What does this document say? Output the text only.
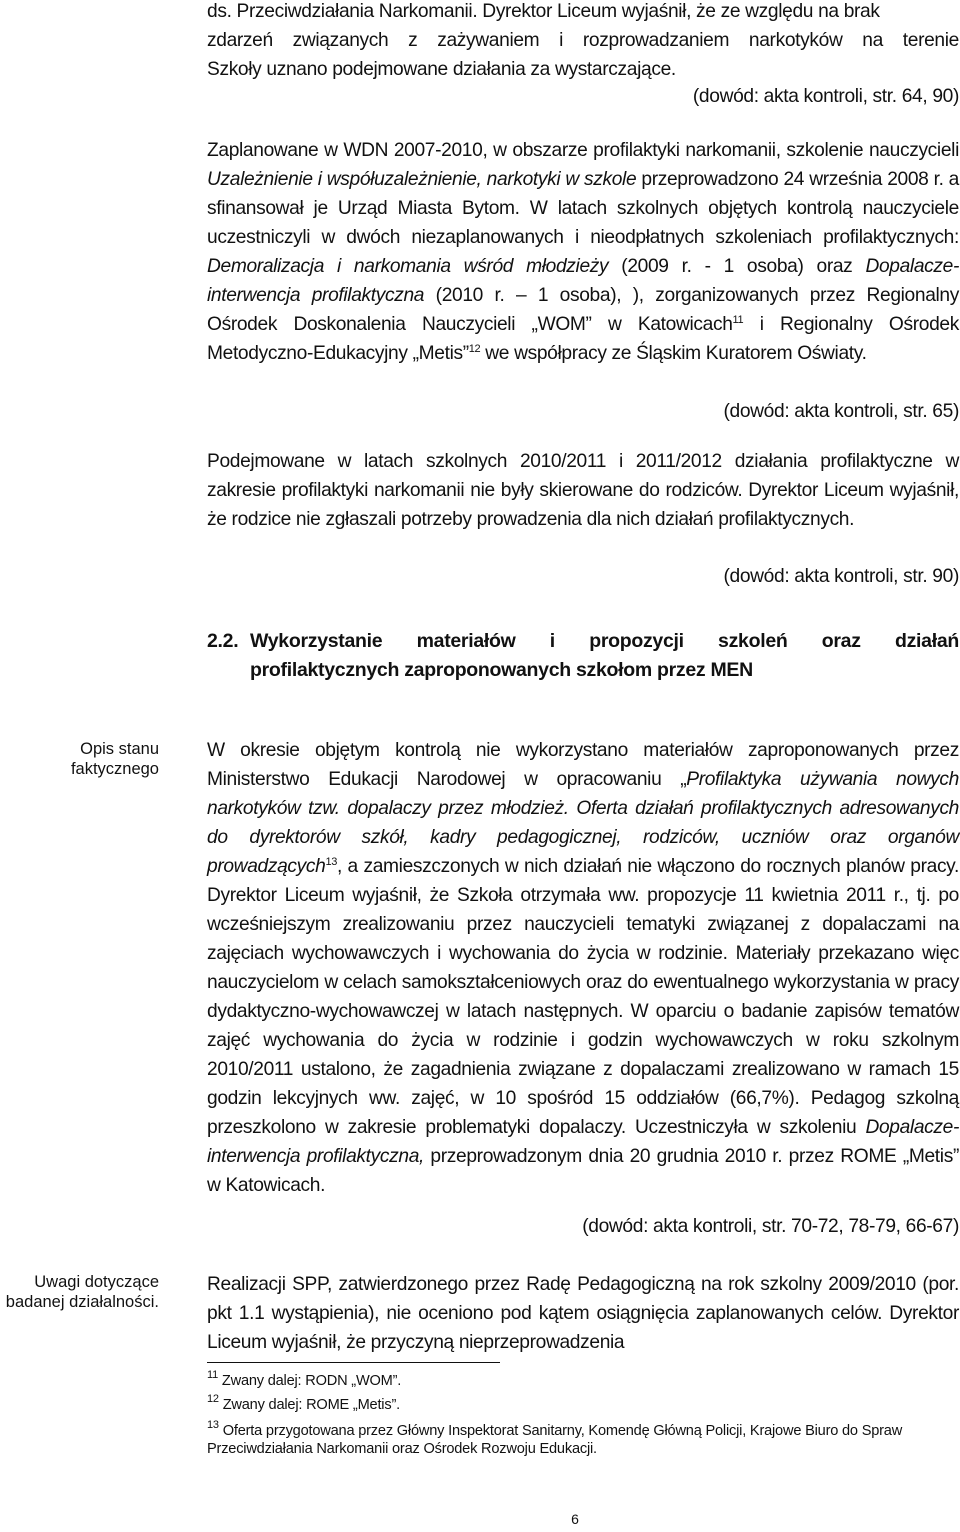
ds. Przeciwdziałania Narkomanii. Dyrektor Liceum wyjaśnił, że ze względu na brak
zdarzeń związanych z zażywaniem i rozprowadzaniem narkotyków na terenie
Szkoły uznano podejmowane działania za wystarczające.
(dowód: akta kontroli, str. 64, 90)
Zaplanowane w WDN 2007-2010, w obszarze profilaktyki narkomanii, szkolenie nauczycieli Uzależnienie i współuzależnienie, narkotyki w szkole przeprowadzono 24 września 2008 r. a sfinansował je Urząd Miasta Bytom. W latach szkolnych objętych kontrolą nauczyciele uczestniczyli w dwóch niezaplanowanych i nieodpłatnych szkoleniach profilaktycznych: Demoralizacja i narkomania wśród młodzieży (2009 r. - 1 osoba) oraz Dopalacze-interwencja profilaktyczna (2010 r. – 1 osoba), ), zorganizowanych przez Regionalny Ośrodek Doskonalenia Nauczycieli „WOM” w Katowicach$^{11}$ i Regionalny Ośrodek Metodyczno-Edukacyjny „Metis”$^{12}$ we współpracy ze Śląskim Kuratorem Oświaty.
(dowód: akta kontroli, str. 65)
Podejmowane w latach szkolnych 2010/2011 i 2011/2012 działania profilaktyczne w zakresie profilaktyki narkomanii nie były skierowane do rodziców. Dyrektor Liceum wyjaśnił, że rodzice nie zgłaszali potrzeby prowadzenia dla nich działań profilaktycznych.
(dowód: akta kontroli, str. 90)
2.2. Wykorzystanie materiałów i propozycji szkoleń oraz działań
profilaktycznych zaproponowanych szkołom przez MEN
Opis stanu
faktycznego
Uwagi dotyczące
badanej działalności.
W okresie objętym kontrolą nie wykorzystano materiałów zaproponowanych przez Ministerstwo Edukacji Narodowej w opracowaniu „Profilaktyka używania nowych narkotyków tzw. dopalaczy przez młodzież. Oferta działań profilaktycznych adresowanych do dyrektorów szkół, kadry pedagogicznej, rodziców, uczniów oraz organów prowadzących$^{13}$, a zamieszczonych w nich działań nie włączono do rocznych planów pracy. Dyrektor Liceum wyjaśnił, że Szkoła otrzymała ww. propozycje 11 kwietnia 2011 r., tj. po wcześniejszym zrealizowaniu przez nauczycieli tematyki związanej z dopalaczami na zajęciach wychowawczych i wychowania do życia w rodzinie. Materiały przekazano więc nauczycielom w celach samokształceniowych oraz do ewentualnego wykorzystania w pracy dydaktyczno-wychowawczej w latach następnych. W oparciu o badanie zapisów tematów zajęć wychowania do życia w rodzinie i godzin wychowawczych w roku szkolnym 2010/2011 ustalono, że zagadnienia związane z dopalaczami zrealizowano w ramach 15 godzin lekcyjnych ww. zajęć, w 10 spośród 15 oddziałów (66,7%). Pedagog szkolną przeszkolono w zakresie problematyki dopalaczy. Uczestniczyła w szkoleniu Dopalacze-interwencja profilaktyczna, przeprowadzonym dnia 20 grudnia 2010 r. przez ROME „Metis” w Katowicach.
(dowód: akta kontroli, str. 70-72, 78-79, 66-67)
Realizacji SPP, zatwierdzonego przez Radę Pedagogiczną na rok szkolny 2009/2010 (por. pkt 1.1 wystąpienia), nie oceniono pod kątem osiągnięcia zaplanowanych celów. Dyrektor Liceum wyjaśnił, że przyczyną nieprzeprowadzenia
$^{11}$ Zwany dalej: RODN „WOM”.
$^{12}$ Zwany dalej: ROME „Metis”.
$^{13}$ Oferta przygotowana przez Główny Inspektorat Sanitarny, Komendę Główną Policji, Krajowe Biuro do Spraw Przeciwdziałania Narkomanii oraz Ośrodek Rozwoju Edukacji.
6
